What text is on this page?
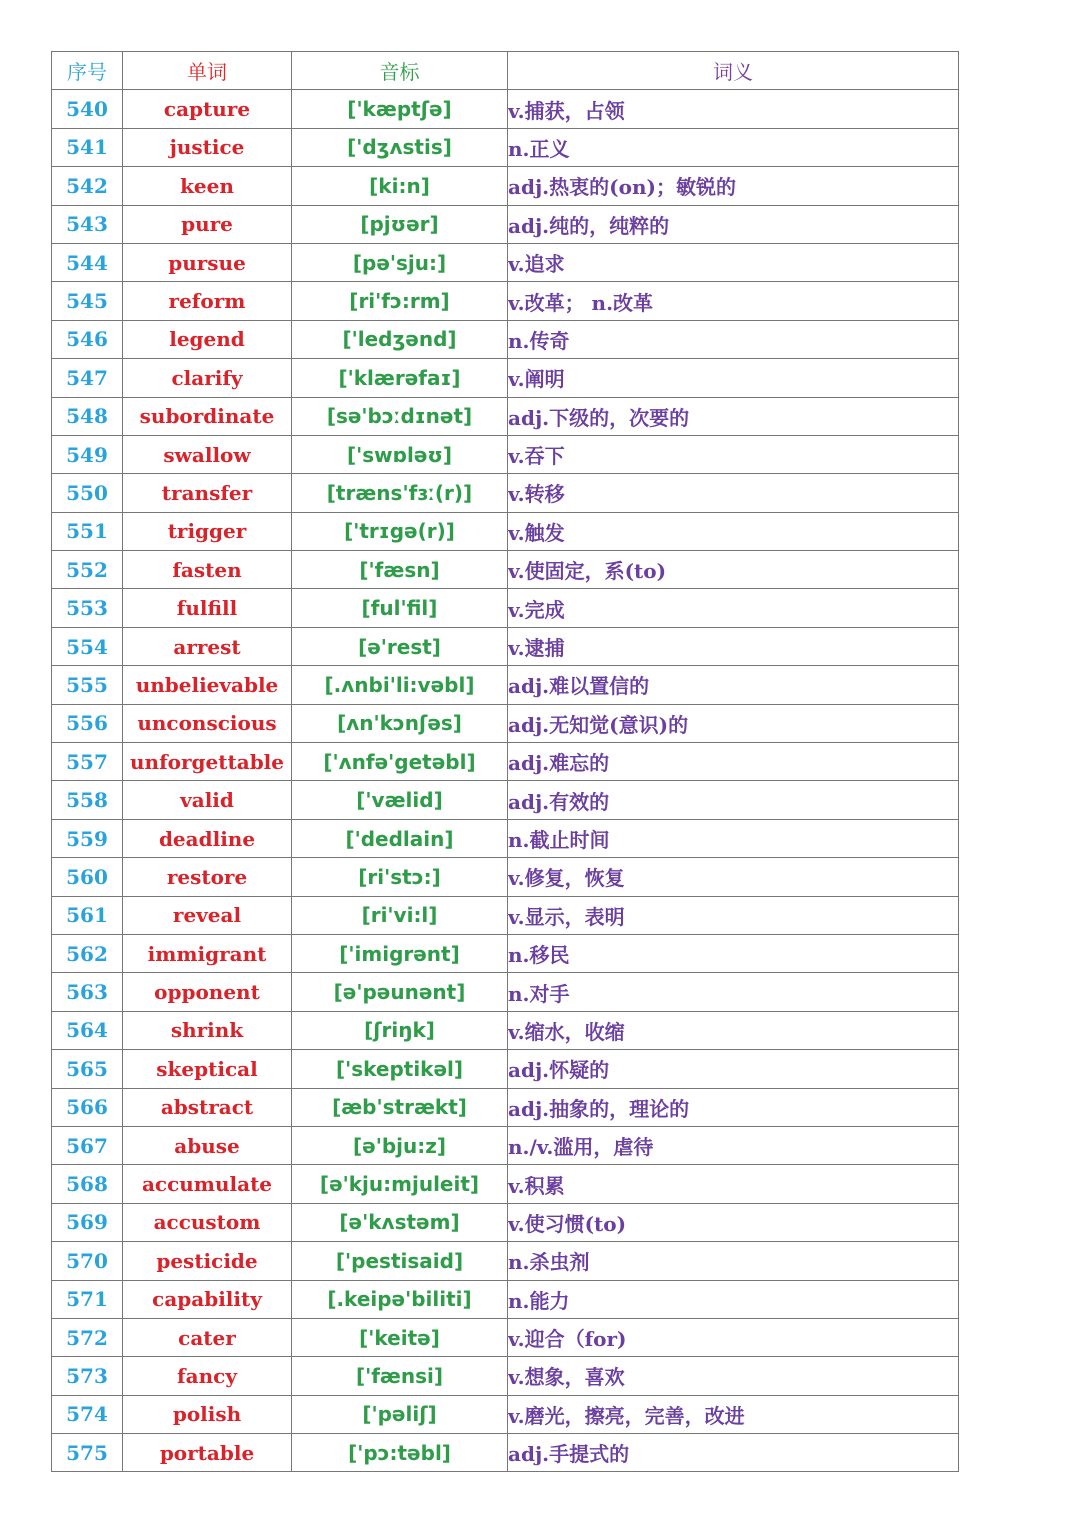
序号	单词	音标	词义
540	capture	['kæptʃə]	v.捕获，占领
541	justice	['dʒʌstis]	n.正义
542	keen	[ki:n]	adj.热衷的(on)；敏锐的
543	pure	[pjʊər]	adj.纯的，纯粹的
544	pursue	[pə'sju:]	v.追求
545	reform	[ri'fɔ:rm]	v.改革； n.改革
546	legend	['ledʒənd]	n.传奇
547	clarify	['klærəfaɪ]	v.阐明
548	subordinate	[sə'bɔːdɪnət]	adj.下级的，次要的
549	swallow	['swɒləʊ]	v.吞下
550	transfer	[træns'fɜː(r)]	v.转移
551	trigger	['trɪgə(r)]	v.触发
552	fasten	['fæsn]	v.使固定，系(to)
553	fulfill	[ful'fil]	v.完成
554	arrest	[ə'rest]	v.逮捕
555	unbelievable	[.ʌnbi'li:vəbl]	adj.难以置信的
556	unconscious	[ʌn'kɔnʃəs]	adj.无知觉(意识)的
557	unforgettable	['ʌnfə'getəbl]	adj.难忘的
558	valid	['vælid]	adj.有效的
559	deadline	['dedlain]	n.截止时间
560	restore	[ri'stɔ:]	v.修复，恢复
561	reveal	[ri'vi:l]	v.显示，表明
562	immigrant	['imigrənt]	n.移民
563	opponent	[ə'pəunənt]	n.对手
564	shrink	[ʃriŋk]	v.缩水，收缩
565	skeptical	['skeptikəl]	adj.怀疑的
566	abstract	[æb'strækt]	adj.抽象的，理论的
567	abuse	[ə'bju:z]	n./v.滥用，虐待
568	accumulate	[ə'kju:mjuleit]	v.积累
569	accustom	[ə'kʌstəm]	v.使习惯(to)
570	pesticide	['pestisaid]	n.杀虫剂
571	capability	[.keipə'biliti]	n.能力
572	cater	['keitə]	v.迎合（for)
573	fancy	['fænsi]	v.想象，喜欢
574	polish	['pəliʃ]	v.磨光，擦亮，完善，改进
575	portable	['pɔ:təbl]	adj.手提式的
